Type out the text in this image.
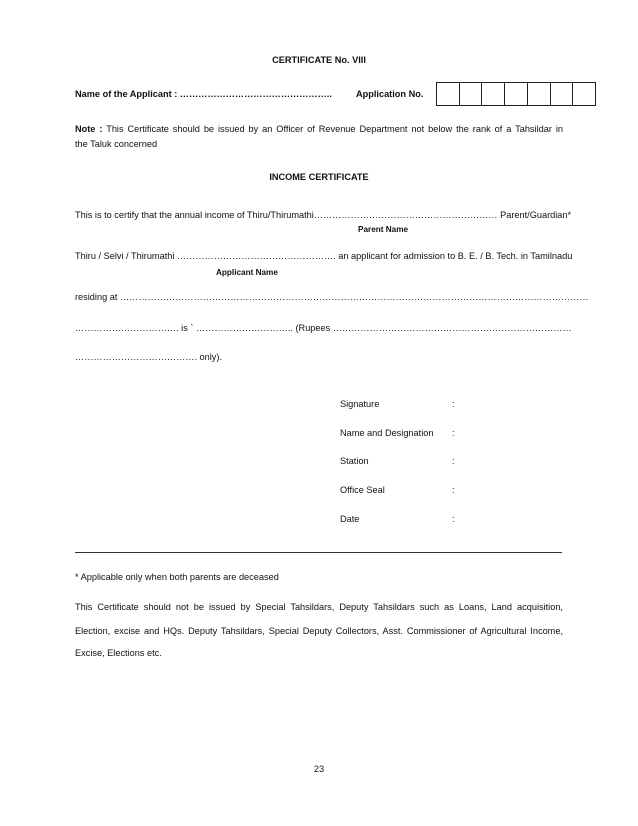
CERTIFICATE No. VIII
Name of the Applicant : …………………………………………..	Application No.
Note : This Certificate should be issued by an Officer of Revenue Department not below the rank of a Tahsildar in
the Taluk concerned
INCOME CERTIFICATE
This is to certify that the annual income of Thiru/Thirumathi…………………………………………………… Parent/Guardian*
Parent Name
Thiru / Selvi / Thirumathi ……………………………………………. an applicant for admission to B. E. / B. Tech. in Tamilnadu
Applicant Name
residing at ………………………………………………………………………………………………………………………………………
……………………………. is ` ………………………….. (Rupees ……………………………………………………………………
…………………………………. only).
Signature	:
Name and Designation	:
Station	:
Office Seal	:
Date	:
* Applicable only when both parents are deceased
This Certificate should not be issued by Special Tahsildars, Deputy Tahsildars such as Loans, Land acquisition,
Election, excise and HQs. Deputy Tahsildars, Special Deputy Collectors, Asst. Commissioner of Agricultural Income,
Excise, Elections etc.
23
